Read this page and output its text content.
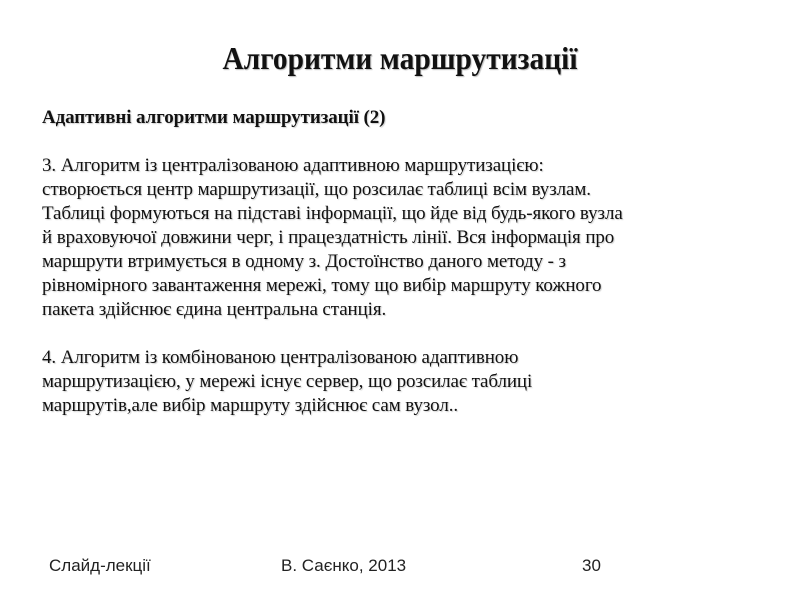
Алгоритми маршрутизації

Адаптивні алгоритми маршрутизації (2)

3. Алгоритм із централізованою адаптивною маршрутизацією:
створюється центр маршрутизації, що розсилає таблиці всім вузлам.
Таблиці формуються на підставі інформації, що йде від будь-якого вузла
й враховуючої довжини черг, і працездатність лінії. Вся інформація про
маршрути втримується в одному з. Достоїнство даного методу - з
рівномірного завантаження мережі, тому що вибір маршруту кожного
пакета здійснює єдина центральна станція.

4. Алгоритм із комбінованою централізованою адаптивною
маршрутизацією, у мережі існує сервер, що розсилає таблиці
маршрутів,але вибір маршруту здійснює сам вузол..

Слайд-лекції	В. Саєнко, 2013	30
